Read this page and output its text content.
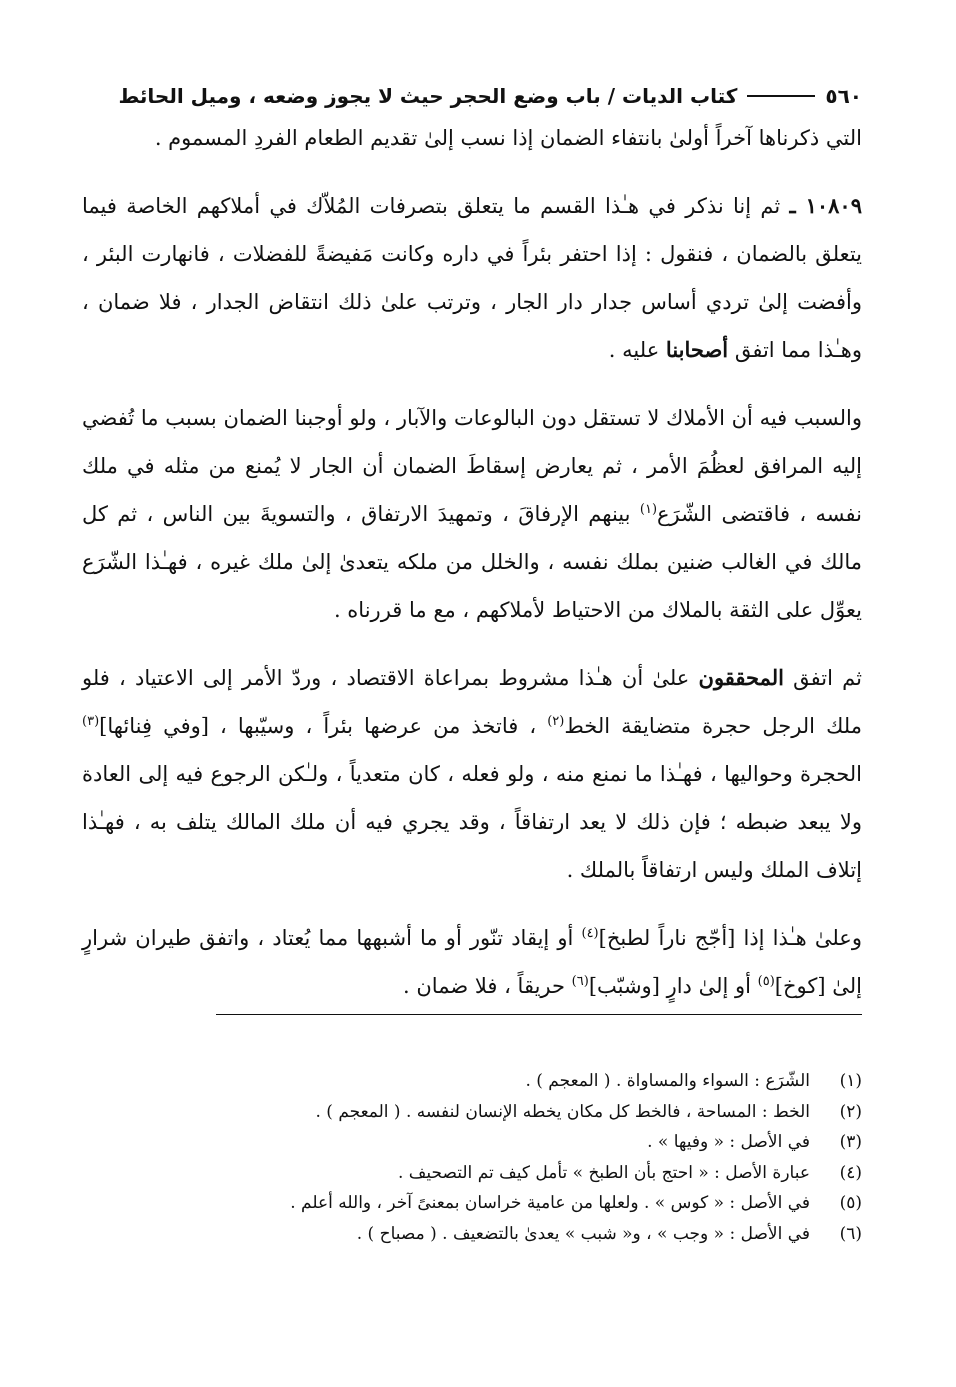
٥٦٠
كتاب الديات / باب وضع الحجر حيث لا يجوز وضعه ، وميل الحائط

التي ذكرناها آخراً أولىٰ بانتفاء الضمان إذا نسب إلىٰ تقديم الطعام الفردِ المسموم .

١٠٨٠٩ ـ ثم إنا نذكر في هـٰذا القسم ما يتعلق بتصرفات المُلاّك في أملاكهم الخاصة فيما يتعلق بالضمان ، فنقول : إذا احتفر بئراً في داره وكانت مَفيضةً للفضلات ، فانهارت البئر ، وأفضت إلىٰ تردي أساس جدار دار الجار ، وترتب علىٰ ذلك انتقاض الجدار ، فلا ضمان ، وهـٰذا مما اتفق أصحابنا عليه .

والسبب فيه أن الأملاك لا تستقل دون البالوعات والآبار ، ولو أوجبنا الضمان بسبب ما تُفضي إليه المرافق لعظُمَ الأمر ، ثم يعارض إسقاطَ الضمان أن الجار لا يُمنع من مثله في ملك نفسه ، فاقتضى الشّرَع$^{(١)}$ بينهم الإرفاقَ ، وتمهيدَ الارتفاق ، والتسويةَ بين الناس ، ثم كل مالك في الغالب ضنين بملك نفسه ، والخلل من ملكه يتعدىٰ إلىٰ ملك غيره ، فهـٰذا الشّرَع يعوِّل على الثقة بالملاك من الاحتياط لأملاكهم ، مع ما قررناه .

ثم اتفق المحققون علىٰ أن هـٰذا مشروط بمراعاة الاقتصاد ، وردّ الأمر إلى الاعتياد ، فلو ملك الرجل حجرة متضايقة الخط$^{(٢)}$ ، فاتخذ من عرضها بئراً ، وسيّبها ، [وفي فِنائها]$^{(٣)}$ الحجرة وحواليها ، فهـٰذا ما نمنع منه ، ولو فعله ، كان متعدياً ، ولـٰكن الرجوع فيه إلى العادة ولا يبعد ضبطه ؛ فإن ذلك لا يعد ارتفاقاً ، وقد يجري فيه أن ملك المالك يتلف به ، فهـٰذا إتلاف الملك وليس ارتفاقاً بالملك .

وعلىٰ هـٰذا إذا [أجّج ناراً لطبخ]$^{(٤)}$ أو إيقاد تنّور أو ما أشبهها مما يُعتاد ، واتفق طيران شرارٍ إلىٰ [كوخ]$^{(٥)}$ أو إلىٰ دارٍ [وشبّب]$^{(٦)}$ حريقاً ، فلا ضمان .

(١)
الشّرَع : السواء والمساواة . ( المعجم ) .
(٢)
الخط : المساحة ، فالخط كل مكان يخطه الإنسان لنفسه . ( المعجم ) .
(٣)
في الأصل : « وفيها » .
(٤)
عبارة الأصل : « احتج بأن الطبخ » تأمل كيف تم التصحيف .
(٥)
في الأصل : « كوس » . ولعلها من عامية خراسان بمعنىً آخر ، والله أعلم .
(٦)
في الأصل : « وجب » ، و« شبب » يعدىٰ بالتضعيف . ( مصباح ) .
